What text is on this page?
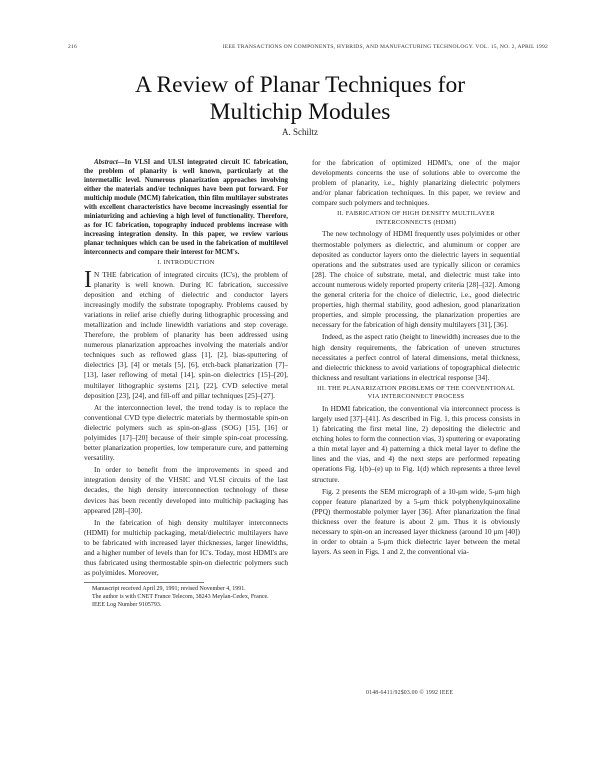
216	IEEE TRANSACTIONS ON COMPONENTS, HYBRIDS, AND MANUFACTURING TECHNOLOGY. VOL. 15, NO. 2, APRIL 1992
A Review of Planar Techniques for
Multichip Modules
A. Schiltz

Abstract—In VLSI and ULSI integrated circuit IC fabrication, the problem of planarity is well known, particularly at the intermetallic level. Numerous planarization approaches involving either the materials and/or techniques have been put forward. For multichip module (MCM) fabrication, thin film multilayer substrates with excellent characteristics have become increasingly essential for miniaturizing and achieving a high level of functionality. Therefore, as for IC fabrication, topography induced problems increase with increasing integration density. In this paper, we review various planar techniques which can be used in the fabrication of multilevel interconnects and compare their interest for MCM's.

I. INTRODUCTION

I N THE fabrication of integrated circuits (IC's), the problem of planarity is well known. During IC fabrication, successive deposition and etching of dielectric and conductor layers increasingly modify the substrate topography. Problems caused by variations in relief arise chiefly during lithographic processing and metallization and include linewidth variations and step coverage. Therefore, the problem of planarity has been addressed using numerous planarization approaches involving the materials and/or techniques such as reflowed glass [1], [2], bias-sputtering of dielectrics [3], [4] or metals [5], [6], etch-back planarization [7]–[13], laser reflowing of metal [14], spin-on dielectrics [15]–[20], multilayer lithographic systems [21], [22], CVD selective metal deposition [23], [24], and fill-off and pillar techniques [25]–[27].

At the interconnection level, the trend today is to replace the conventional CVD type dielectric materials by thermostable spin-on dielectric polymers such as spin-on-glass (SOG) [15], [16] or polyimides [17]–[20] because of their simple spin-coat processing, better planarization properties, low temperature cure, and patterning versatility.

In order to benefit from the improvements in speed and integration density of the VHSIC and VLSI circuits of the last decades, the high density interconnection technology of these devices has been recently developed into multichip packaging has appeared [28]–[30].

In the fabrication of high density multilayer interconnects (HDMI) for multichip packaging, metal/dielectric multilayers have to be fabricated with increased layer thicknesses, larger linewidths, and a higher number of levels than for IC's. Today, most HDMI's are thus fabricated using thermostable spin-on dielectric polymers such as polyimides. Moreover,

Manuscript received April 29, 1991; revised November 4, 1991.
The author is with CNET France Telecom, 38243 Meylan-Cedex, France.
IEEE Log Number 9105793.

for the fabrication of optimized HDMI's, one of the major developments concerns the use of solutions able to overcome the problem of planarity, i.e., highly planarizing dielectric polymers and/or planar fabrication techniques. In this paper, we review and compare such polymers and techniques.

II. FABRICATION OF HIGH DENSITY MULTILAYER INTERCONNECTS (HDMI)

The new technology of HDMI frequently uses polyimides or other thermostable polymers as dielectric, and aluminum or copper are deposited as conductor layers onto the dielectric layers in sequential operations and the substrates used are typically silicon or ceramics [28]. The choice of substrate, metal, and dielectric must take into account numerous widely reported property criteria [28]–[32]. Among the general criteria for the choice of dielectric, i.e., good dielectric properties, high thermal stability, good adhesion, good planarization properties, and simple processing, the planarization properties are necessary for the fabrication of high density multilayers [31], [36].

Indeed, as the aspect ratio (height to linewidth) increases due to the high density requirements, the fabrication of uneven structures necessitates a perfect control of lateral dimensions, metal thickness, and dielectric thickness to avoid variations of topographical dielectric thickness and resultant variations in electrical response [34].

III. THE PLANARIZATION PROBLEMS OF THE CONVENTIONAL VIA INTERCONNECT PROCESS

In HDMI fabrication, the conventional via interconnect process is largely used [37]–[41]. As described in Fig. 1, this process consists in 1) fabricating the first metal line, 2) depositing the dielectric and etching holes to form the connection vias, 3) sputtering or evaporating a thin metal layer and 4) patterning a thick metal layer to define the lines and the vias, and 4) the next steps are performed repeating operations Fig. 1(b)–(e) up to Fig. 1(d) which represents a three level structure.

Fig. 2 presents the SEM micrograph of a 10-μm wide, 5-μm high copper feature planarized by a 5-μm thick polyphenylquinoxaline (PPQ) thermostable polymer layer [36]. After planarization the final thickness over the feature is about 2 μm. Thus it is obviously necessary to spin-on an increased layer thickness (around 10 μm [40]) in order to obtain a 5-μm thick dielectric layer between the metal layers. As seen in Figs. 1 and 2, the conventional via-

0148-6411/92$03.00 © 1992 IEEE
